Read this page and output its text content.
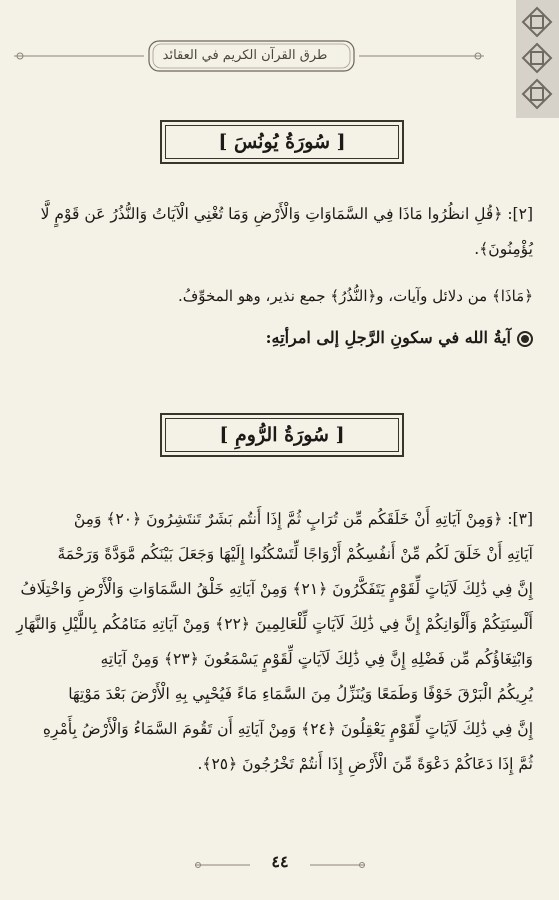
طرق القرآن الكريم في العقائد
[ سُورَةُ يُونُسَ ]
[٢]: ﴿قُلِ انظُرُوا مَاذَا فِي السَّمَاوَاتِ وَالْأَرْضِ وَمَا تُغْنِي الْآيَاتُ وَالنُّذُرُ عَن قَوْمٍ لَّا
يُؤْمِنُونَ﴾.
﴿مَاذَا﴾ من دلائل وآيات، و﴿النُّذُرُ﴾ جمع نذير، وهو المخوِّفُ.
آيةُ الله في سكونِ الرَّجلِ إلى امرأتِهِ:
[ سُورَةُ الرُّومِ ]
[٣]: ﴿وَمِنْ آيَاتِهِ أَنْ خَلَقَكُم مِّن تُرَابٍ ثُمَّ إِذَا أَنتُم بَشَرٌ تَنتَشِرُونَ ﴿٢٠﴾ وَمِنْ
آيَاتِهِ أَنْ خَلَقَ لَكُم مِّنْ أَنفُسِكُمْ أَزْوَاجًا لِّتَسْكُنُوا إِلَيْهَا وَجَعَلَ بَيْنَكُم مَّوَدَّةً وَرَحْمَةً
إِنَّ فِي ذَٰلِكَ لَآيَاتٍ لِّقَوْمٍ يَتَفَكَّرُونَ ﴿٢١﴾ وَمِنْ آيَاتِهِ خَلْقُ السَّمَاوَاتِ وَالْأَرْضِ وَاخْتِلَافُ
أَلْسِنَتِكُمْ وَأَلْوَانِكُمْ إِنَّ فِي ذَٰلِكَ لَآيَاتٍ لِّلْعَالِمِينَ ﴿٢٢﴾ وَمِنْ آيَاتِهِ مَنَامُكُم بِاللَّيْلِ وَالنَّهَارِ
وَابْتِغَاؤُكُم مِّن فَضْلِهِ إِنَّ فِي ذَٰلِكَ لَآيَاتٍ لِّقَوْمٍ يَسْمَعُونَ ﴿٢٣﴾ وَمِنْ آيَاتِهِ
يُرِيكُمُ الْبَرْقَ خَوْفًا وَطَمَعًا وَيُنَزِّلُ مِنَ السَّمَاءِ مَاءً فَيُحْيِي بِهِ الْأَرْضَ بَعْدَ مَوْتِهَا
إِنَّ فِي ذَٰلِكَ لَآيَاتٍ لِّقَوْمٍ يَعْقِلُونَ ﴿٢٤﴾ وَمِنْ آيَاتِهِ أَن تَقُومَ السَّمَاءُ وَالْأَرْضُ بِأَمْرِهِ
ثُمَّ إِذَا دَعَاكُمْ دَعْوَةً مِّنَ الْأَرْضِ إِذَا أَنتُمْ تَخْرُجُونَ ﴿٢٥﴾.
٤٤
